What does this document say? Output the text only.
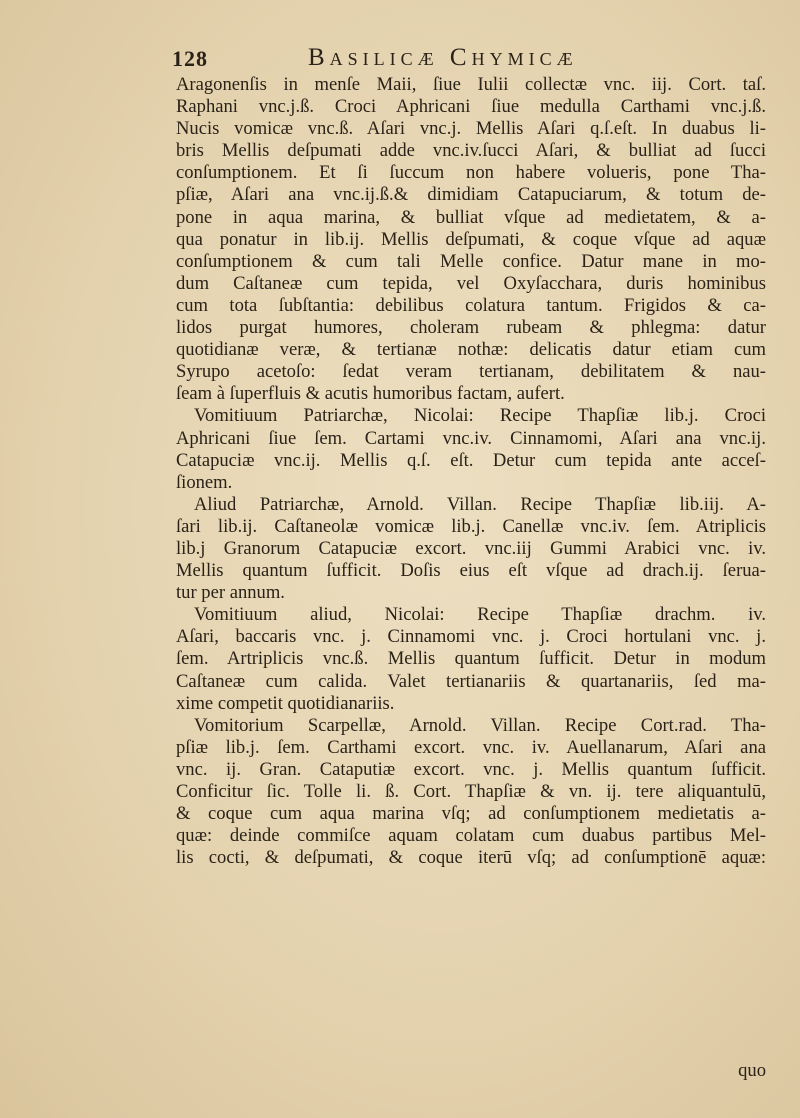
128	Basilicæ Chymicæ
Aragonenſis in menſe Maii, ſiue Iulii collectæ vnc. iij. Cort. taſ.
Raphani vnc.j.ß. Croci Aphricani ſiue medulla Carthami vnc.j.ß.
Nucis vomicæ vnc.ß. Aſari vnc.j. Mellis Aſari q.ſ.eſt. In duabus li-
bris Mellis deſpumati adde vnc.iv.ſucci Aſari, & bulliat ad ſucci
conſumptionem. Et ſi ſuccum non habere volueris, pone Tha-
pſiæ, Aſari ana vnc.ij.ß.& dimidiam Catapuciarum, & totum de-
pone in aqua marina, & bulliat vſque ad medietatem, & a-
qua ponatur in lib.ij. Mellis deſpumati, & coque vſque ad aquæ
conſumptionem & cum tali Melle confice. Datur mane in mo-
dum Caſtaneæ cum tepida, vel Oxyſacchara, duris hominibus
cum tota ſubſtantia: debilibus colatura tantum. Frigidos & ca-
lidos purgat humores, choleram rubeam & phlegma: datur
quotidianæ veræ, & tertianæ nothæ: delicatis datur etiam cum
Syrupo acetoſo: ſedat veram tertianam, debilitatem & nau-
ſeam à ſuperfluis & acutis humoribus factam, aufert.
Vomitiuum Patriarchæ, Nicolai: Recipe Thapſiæ lib.j. Croci
Aphricani ſiue ſem. Cartami vnc.iv. Cinnamomi, Aſari ana vnc.ij.
Catapuciæ vnc.ij. Mellis q.ſ. eſt. Detur cum tepida ante acceſ-
ſionem.
Aliud Patriarchæ, Arnold. Villan. Recipe Thapſiæ lib.iij. A-
ſari lib.ij. Caſtaneolæ vomicæ lib.j. Canellæ vnc.iv. ſem. Atriplicis
lib.j Granorum Catapuciæ excort. vnc.iij Gummi Arabici vnc. iv.
Mellis quantum ſufficit. Doſis eius eſt vſque ad drach.ij. ſerua-
tur per annum.
Vomitiuum aliud, Nicolai: Recipe Thapſiæ drachm. iv.
Aſari, baccaris vnc. j. Cinnamomi vnc. j. Croci hortulani vnc. j.
ſem. Artriplicis vnc.ß. Mellis quantum ſufficit. Detur in modum
Caſtaneæ cum calida. Valet tertianariis & quartanariis, ſed ma-
xime competit quotidianariis.
Vomitorium Scarpellæ, Arnold. Villan. Recipe Cort.rad. Tha-
pſiæ lib.j. ſem. Carthami excort. vnc. iv. Auellanarum, Aſari ana
vnc. ij. Gran. Cataputiæ excort. vnc. j. Mellis quantum ſufficit.
Conficitur ſic. Tolle li. ß. Cort. Thapſiæ & vn. ij. tere aliquantulū,
& coque cum aqua marina vſq; ad conſumptionem medietatis a-
quæ: deinde commiſce aquam colatam cum duabus partibus Mel-
lis cocti, & deſpumati, & coque iterū vſq; ad conſumptionē aquæ:
quo
